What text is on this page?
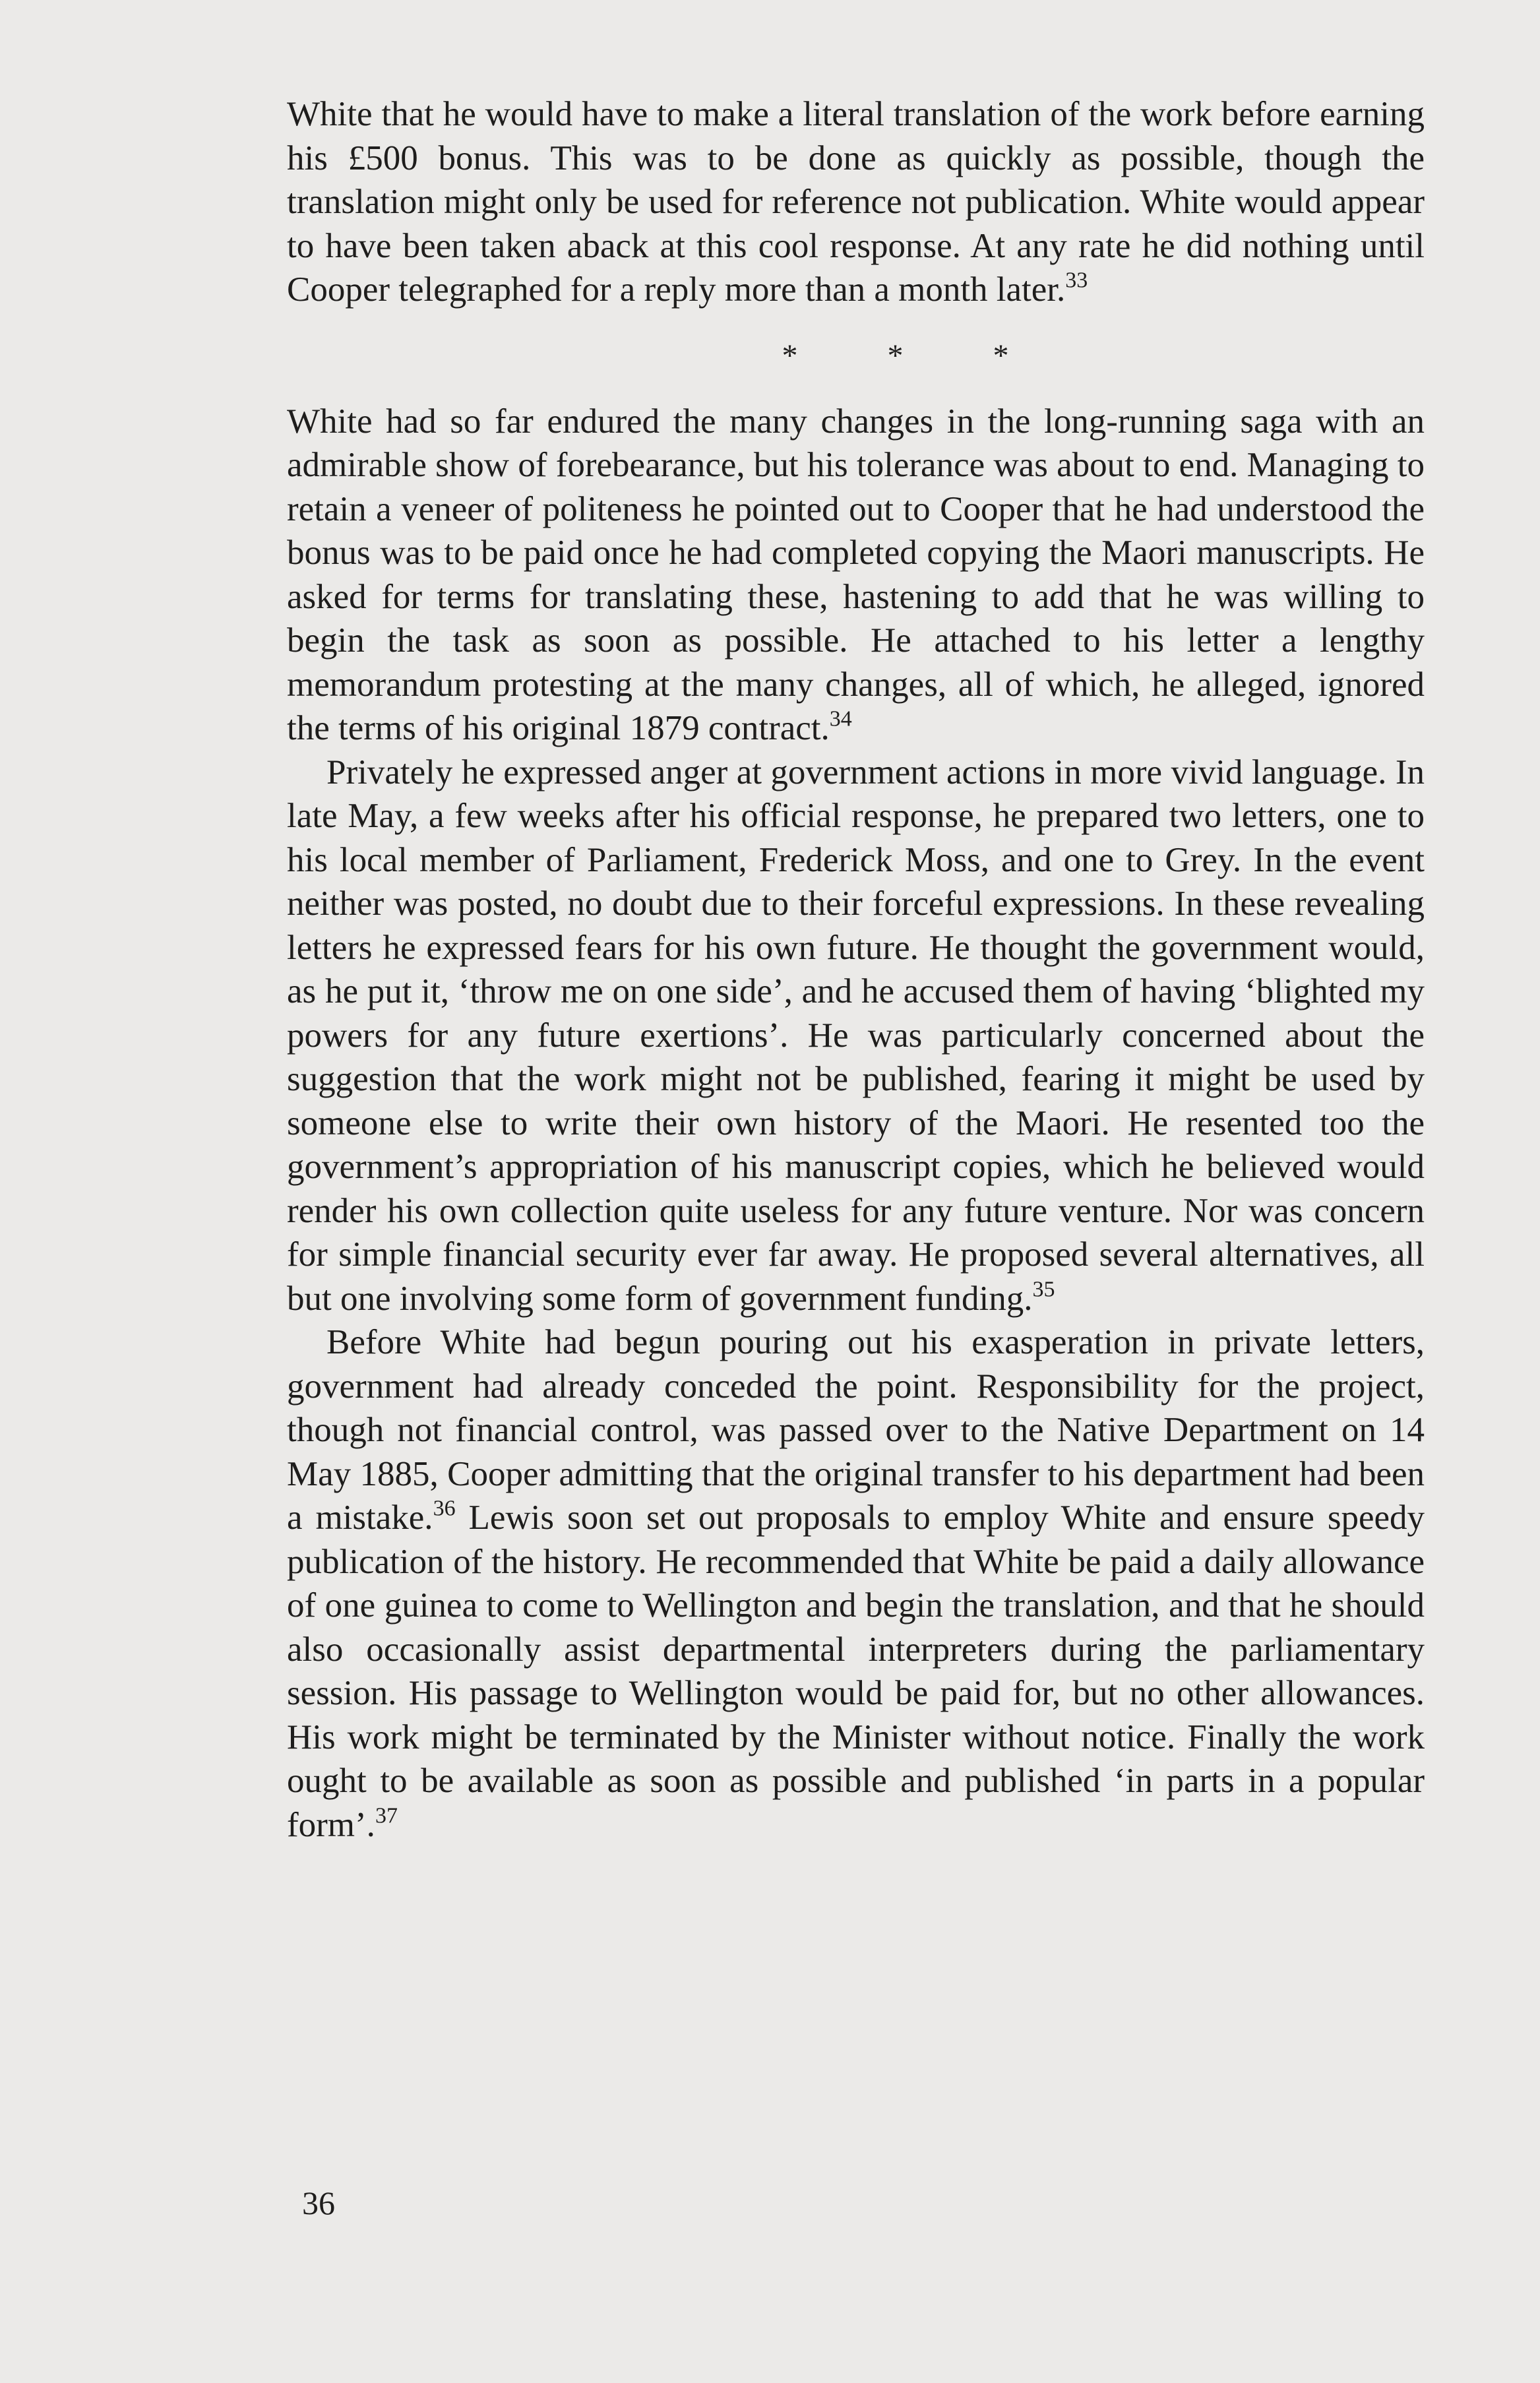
White that he would have to make a literal translation of the work before earning his £500 bonus. This was to be done as quickly as possible, though the translation might only be used for reference not publication. White would appear to have been taken aback at this cool response. At any rate he did nothing until Cooper telegraphed for a reply more than a month later.$^{33}$

*	*	*

White had so far endured the many changes in the long-running saga with an admirable show of forebearance, but his tolerance was about to end. Managing to retain a veneer of politeness he pointed out to Cooper that he had understood the bonus was to be paid once he had completed copying the Maori manuscripts. He asked for terms for translating these, hastening to add that he was willing to begin the task as soon as possible. He attached to his letter a lengthy memorandum protesting at the many changes, all of which, he alleged, ignored the terms of his original 1879 contract.$^{34}$

Privately he expressed anger at government actions in more vivid language. In late May, a few weeks after his official response, he prepared two letters, one to his local member of Parliament, Frederick Moss, and one to Grey. In the event neither was posted, no doubt due to their forceful expressions. In these revealing letters he expressed fears for his own future. He thought the government would, as he put it, ‘throw me on one side’, and he accused them of having ‘blighted my powers for any future exertions’. He was particularly concerned about the suggestion that the work might not be published, fearing it might be used by someone else to write their own history of the Maori. He resented too the government’s appropriation of his manuscript copies, which he believed would render his own collection quite useless for any future venture. Nor was concern for simple financial security ever far away. He proposed several alternatives, all but one involving some form of government funding.$^{35}$

Before White had begun pouring out his exasperation in private letters, government had already conceded the point. Responsibility for the project, though not financial control, was passed over to the Native Department on 14 May 1885, Cooper admitting that the original transfer to his department had been a mistake.$^{36}$ Lewis soon set out proposals to employ White and ensure speedy publication of the history. He recommended that White be paid a daily allowance of one guinea to come to Wellington and begin the translation, and that he should also occasionally assist departmental interpreters during the parliamentary session. His passage to Wellington would be paid for, but no other allowances. His work might be terminated by the Minister without notice. Finally the work ought to be available as soon as possible and published ‘in parts in a popular form’.$^{37}$

36
